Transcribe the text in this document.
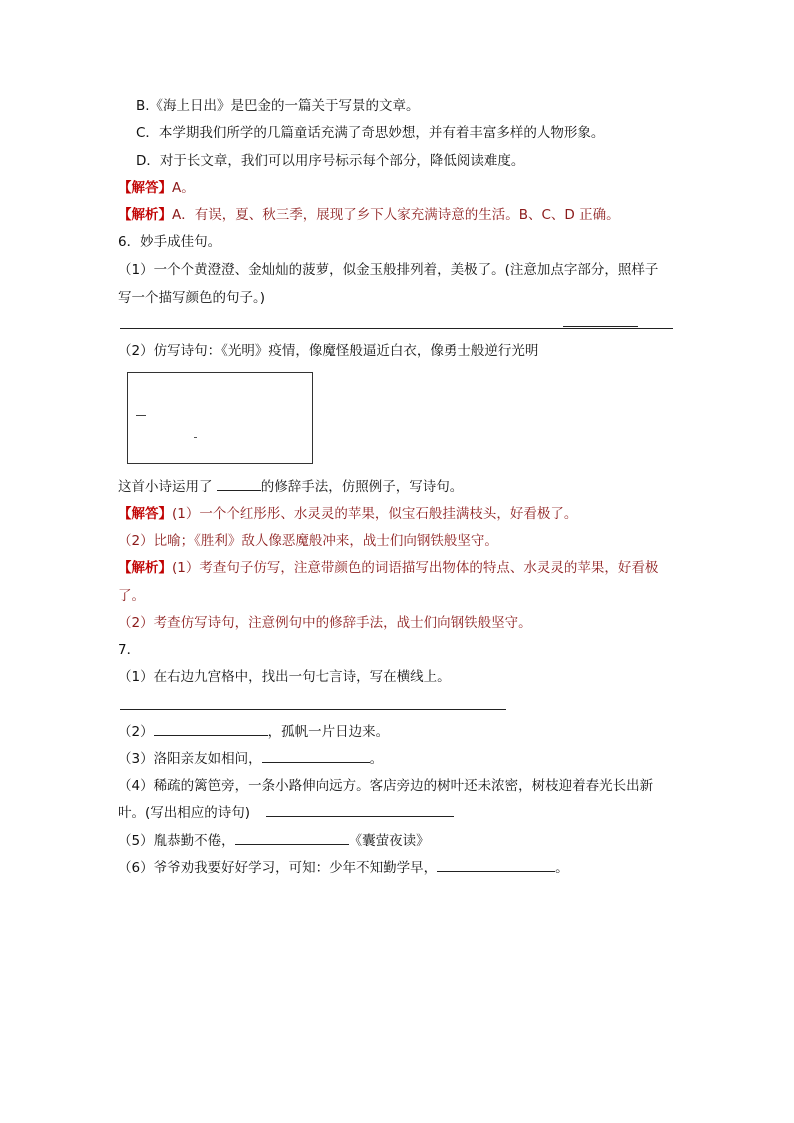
B.《海上日出》是巴金的一篇关于写景的文章。
C．本学期我们所学的几篇童话充满了奇思妙想，并有着丰富多样的人物形象。
D．对于长文章，我们可以用序号标示每个部分，降低阅读难度。
【解答】A。
【解析】A．有误，夏、秋三季，展现了乡下人家充满诗意的生活。B、C、D 正确。
6．妙手成佳句。
（1）一个个黄澄澄、金灿灿的菠萝，似金玉般排列着，美极了。(注意加点字部分，照样子
写一个描写颜色的句子。)
（2）仿写诗句：《光明》疫情，像魔怪般逼近白衣，像勇士般逆行光明
这首小诗运用了	的修辞手法，仿照例子，写诗句。
【解答】(1）一个个红彤彤、水灵灵的苹果，似宝石般挂满枝头，好看极了。
（2）比喻；《胜利》敌人像恶魔般冲来，战士们向钢铁般坚守。
【解析】(1）考查句子仿写，注意带颜色的词语描写出物体的特点、水灵灵的苹果，好看极
了。
（2）考查仿写诗句，注意例句中的修辞手法，战士们向钢铁般坚守。
7．
（1）在右边九宫格中，找出一句七言诗，写在横线上。
（2）	，孤帆一片日边来。
（3）洛阳亲友如相问，	。
（4）稀疏的篱笆旁，一条小路伸向远方。客店旁边的树叶还未浓密，树枝迎着春光长出新
叶。(写出相应的诗句)
（5）胤恭勤不倦，	《囊萤夜读》
（6）爷爷劝我要好好学习，可知：少年不知勤学早，	。
